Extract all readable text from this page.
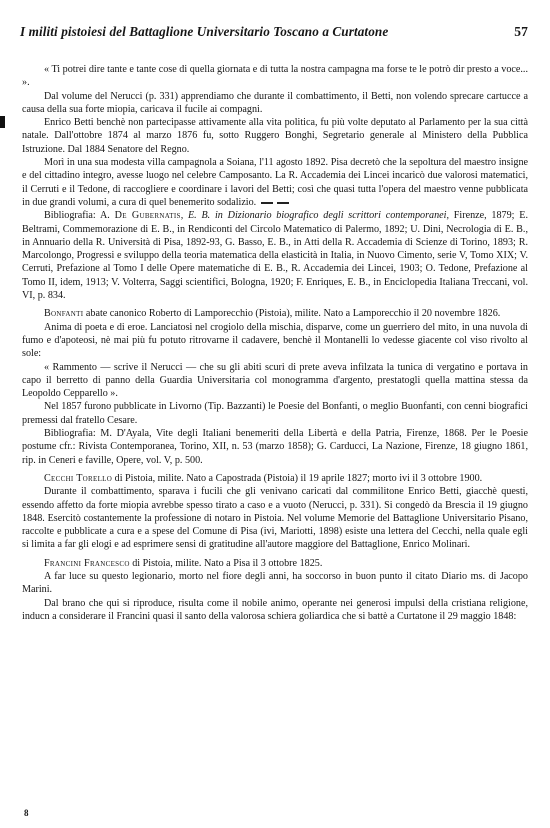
I militi pistoiesi del Battaglione Universitario Toscano a Curtatone	57

« Ti potrei dire tante e tante cose di quella giornata e di tutta la nostra campagna ma forse te le potrò dir presto a voce... ».

Dal volume del Nerucci (p. 331) apprendiamo che durante il combattimento, il Betti, non volendo sprecare cartucce a causa della sua forte miopia, caricava il fucile ai compagni.

Enrico Betti benchè non partecipasse attivamente alla vita politica, fu più volte deputato al Parlamento per la sua città natale. Dall'ottobre 1874 al marzo 1876 fu, sotto Ruggero Bonghi, Segretario generale al Ministero della Pubblica Istruzione. Dal 1884 Senatore del Regno.

Morì in una sua modesta villa campagnola a Soiana, l'11 agosto 1892. Pisa decretò che la sepoltura del maestro insigne e del cittadino integro, avesse luogo nel celebre Camposanto. La R. Accademia dei Lincei incaricò due valorosi matematici, il Cerruti e il Tedone, di raccogliere e coordinare i lavori del Betti; così che quasi tutta l'opera del maestro venne pubblicata in due grandi volumi, a cura di quel benemerito sodalizio.

Bibliografia: A. De Gubernatis, E. B. in Dizionario biografico degli scrittori contemporanei, Firenze, 1879; E. Beltrami, Commemorazione di E. B., in Rendiconti del Circolo Matematico di Palermo, 1892; U. Dini, Necrologia di E. B., in Annuario della R. Università di Pisa, 1892-93, G. Basso, E. B., in Atti della R. Accademia di Scienze di Torino, 1893; R. Marcolongo, Progressi e sviluppo della teoria matematica della elasticità in Italia, in Nuovo Cimento, serie V, Tomo XIX; V. Cerruti, Prefazione al Tomo I delle Opere matematiche di E. B., R. Accademia dei Lincei, 1903; O. Tedone, Prefazione al Tomo II, idem, 1913; V. Volterra, Saggi scientifici, Bologna, 1920; F. Enriques, E. B., in Enciclopedia Italiana Treccani, vol. VI, p. 834.

Bonfanti abate canonico Roberto di Lamporecchio (Pistoia), milite. Nato a Lamporecchio il 20 novembre 1826.

Anima di poeta e di eroe. Lanciatosi nel crogiolo della mischia, disparve, come un guerriero del mito, in una nuvola di fumo e d'apoteosi, nè mai più fu potuto ritrovarne il cadavere, benchè il Montanelli lo vedesse giacente col viso rivolto al sole:

« Rammento — scrive il Nerucci — che su gli abiti scuri di prete aveva infilzata la tunica di vergatino e portava in capo il berretto di panno della Guardia Universitaria col monogramma d'argento, prestatogli quella mattina stessa da Leopoldo Cepparello ».

Nel 1857 furono pubblicate in Livorno (Tip. Bazzanti) le Poesie del Bonfanti, o meglio Buonfanti, con cenni biografici premessi dal fratello Cesare.

Bibliografia: M. D'Ayala, Vite degli Italiani benemeriti della Libertà e della Patria, Firenze, 1868. Per le Poesie postume cfr.: Rivista Contemporanea, Torino, XII, n. 53 (marzo 1858); G. Carducci, La Nazione, Firenze, 18 giugno 1861, rip. in Ceneri e faville, Opere, vol. V, p. 500.

Cecchi Torello di Pistoia, milite. Nato a Capostrada (Pistoia) il 19 aprile 1827; morto ivi il 3 ottobre 1900.

Durante il combattimento, sparava i fucili che gli venivano caricati dal commilitone Enrico Betti, giacchè questi, essendo affetto da forte miopia avrebbe spesso tirato a caso e a vuoto (Nerucci, p. 331). Si congedò da Brescia il 19 giugno 1848. Esercitò costantemente la professione di notaro in Pistoia. Nel volume Memorie del Battaglione Universitario Pisano, raccolte e pubblicate a cura e a spese del Comune di Pisa (ivi, Mariotti, 1898) esiste una lettera del Cecchi, nella quale egli si limita a far gli elogi e ad esprimere sensi di gratitudine all'autore maggiore del Battaglione, Enrico Molinari.

Francini Francesco di Pistoia, milite. Nato a Pisa il 3 ottobre 1825.

A far luce su questo legionario, morto nel fiore degli anni, ha soccorso in buon punto il citato Diario ms. di Jacopo Marini.

Dal brano che qui si riproduce, risulta come il nobile animo, operante nei generosi impulsi della cristiana religione, inducn a considerare il Francini quasi il santo della valorosa schiera goliardica che si battè a Curtatone il 29 maggio 1848:

8
